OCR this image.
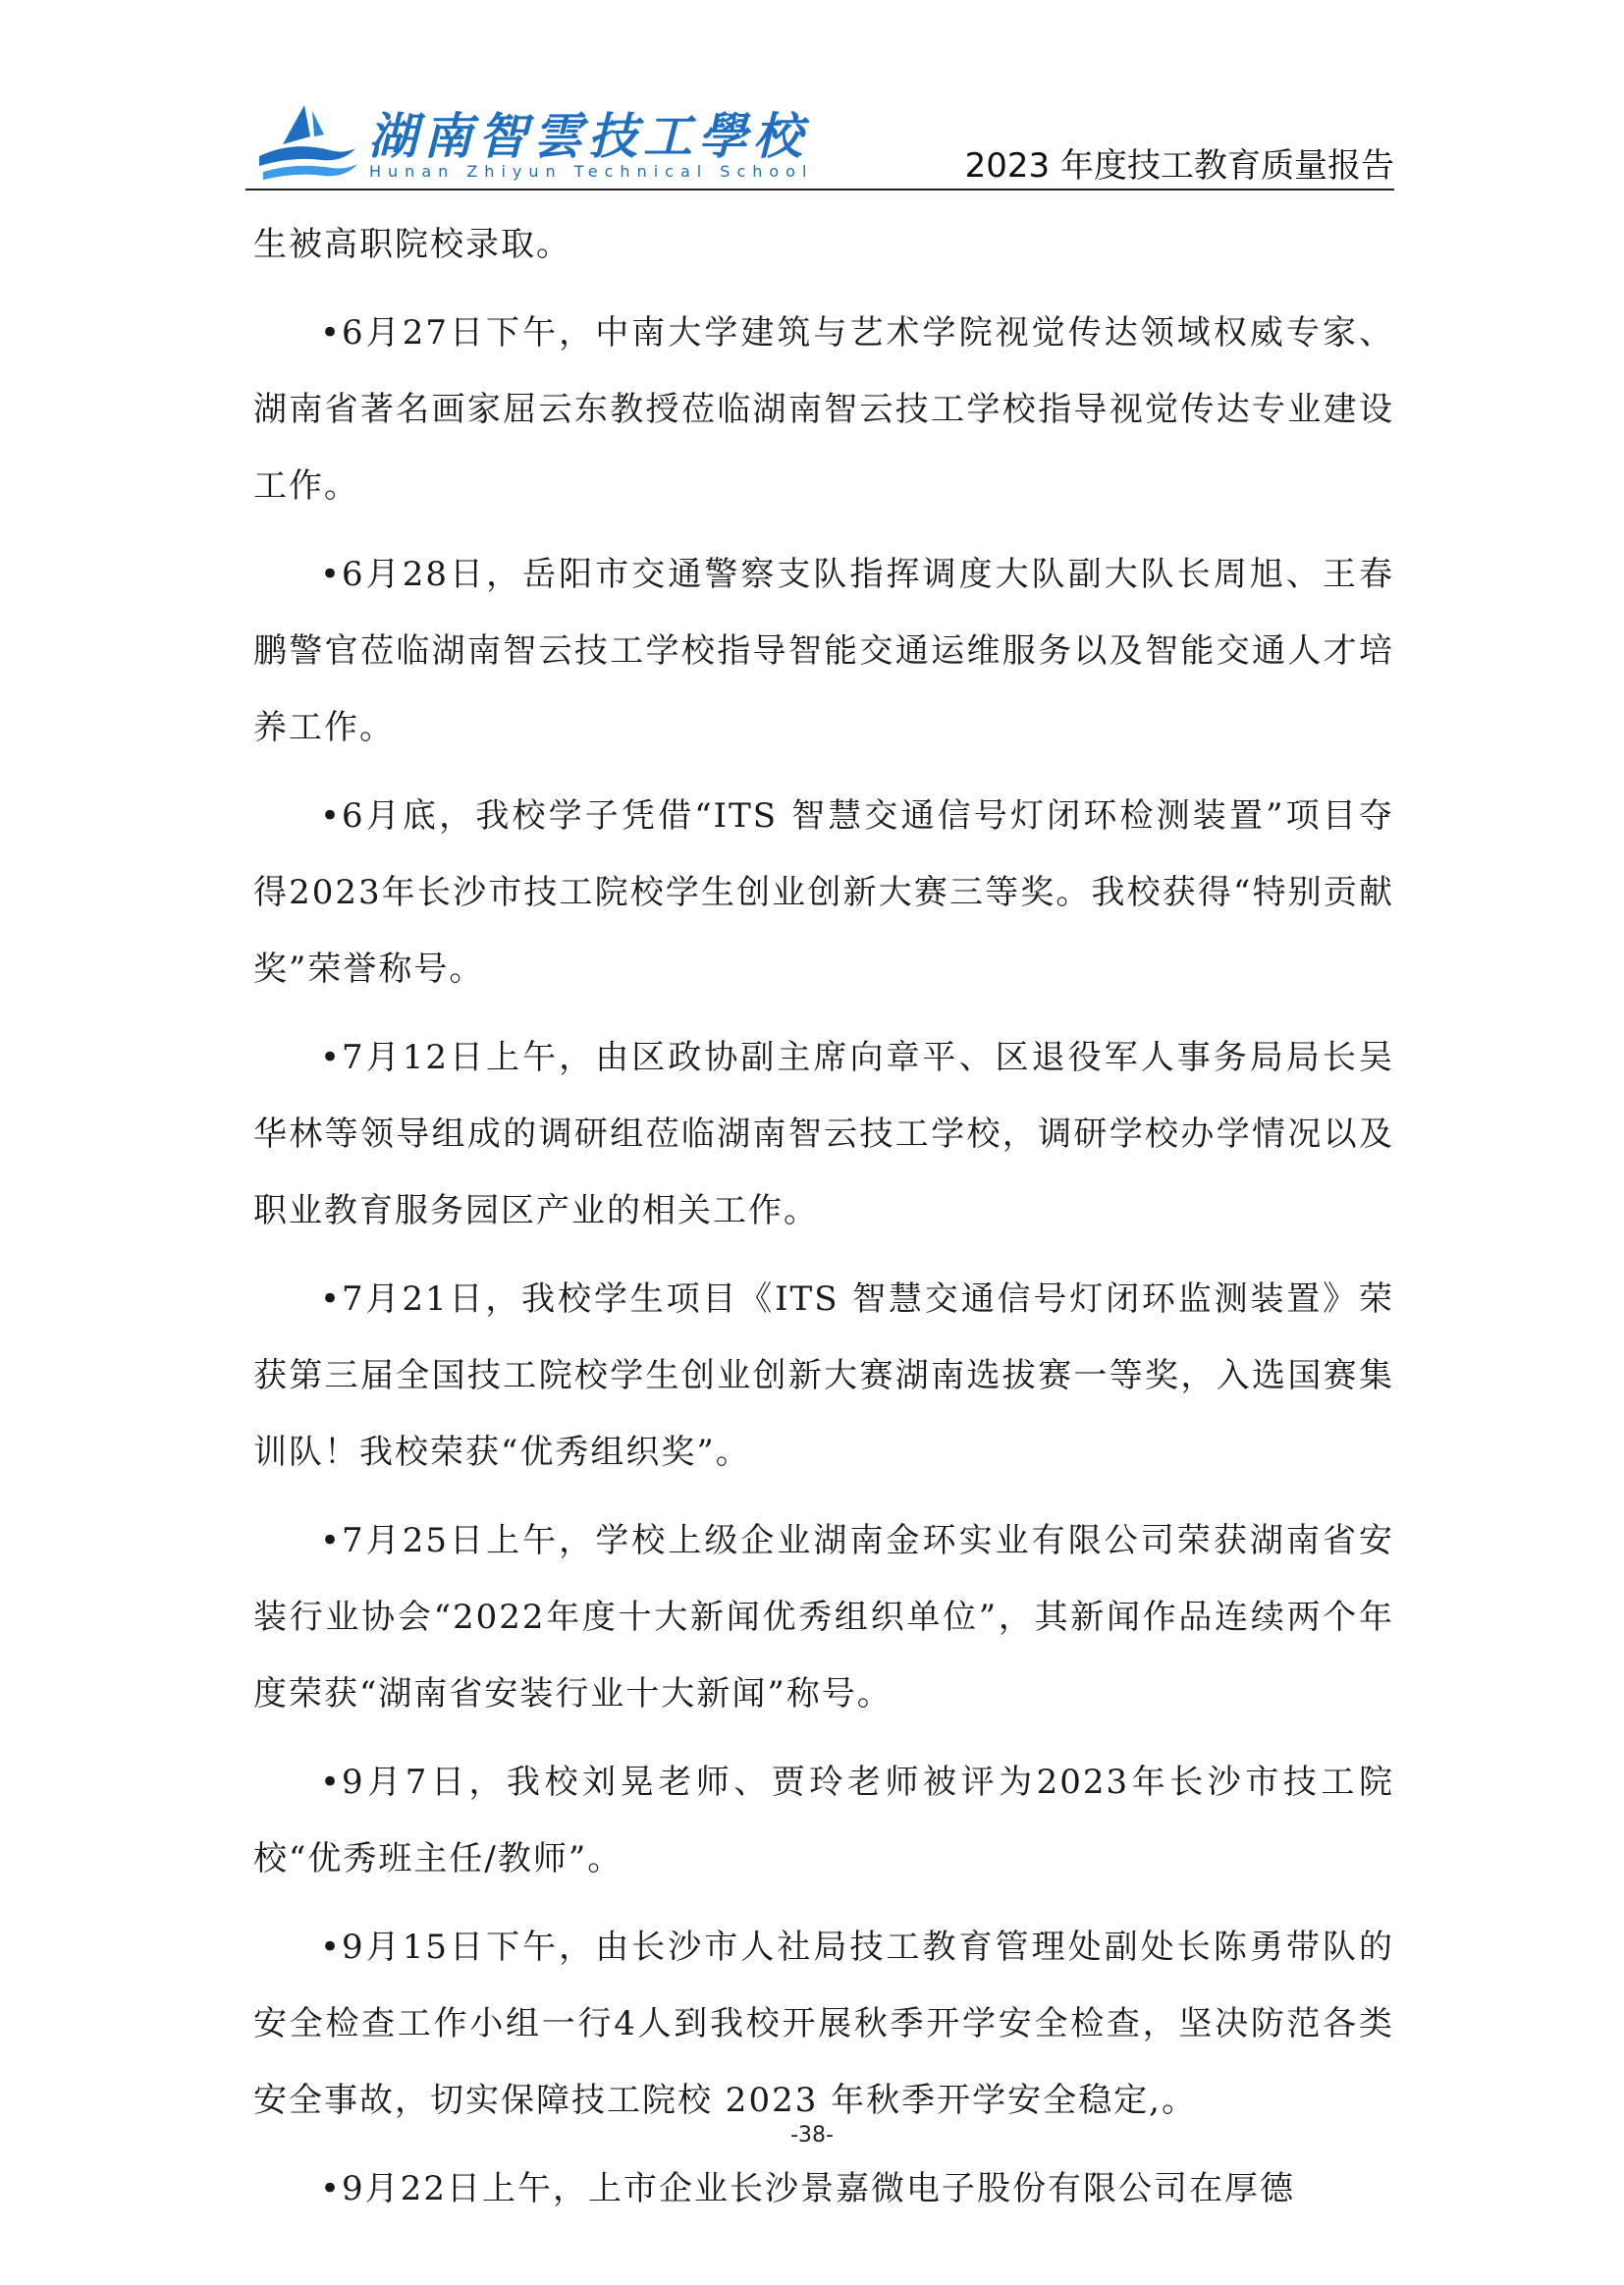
湖南智雲技工學校
Hunan Zhiyun Technical School	2023 年度技工教育质量报告

生被高职院校录取。

•6月27日下午，中南大学建筑与艺术学院视觉传达领域权威专家、湖南省著名画家屈云东教授莅临湖南智云技工学校指导视觉传达专业建设工作。

•6月28日，岳阳市交通警察支队指挥调度大队副大队长周旭、王春鹏警官莅临湖南智云技工学校指导智能交通运维服务以及智能交通人才培养工作。

•6月底，我校学子凭借“ITS 智慧交通信号灯闭环检测装置”项目夺得2023年长沙市技工院校学生创业创新大赛三等奖。我校获得“特别贡献奖”荣誉称号。

•7月12日上午，由区政协副主席向章平、区退役军人事务局局长吴华林等领导组成的调研组莅临湖南智云技工学校，调研学校办学情况以及职业教育服务园区产业的相关工作。

•7月21日，我校学生项目《ITS 智慧交通信号灯闭环监测装置》荣获第三届全国技工院校学生创业创新大赛湖南选拔赛一等奖，入选国赛集训队！我校荣获“优秀组织奖”。

•7月25日上午，学校上级企业湖南金环实业有限公司荣获湖南省安装行业协会“2022年度十大新闻优秀组织单位”，其新闻作品连续两个年度荣获“湖南省安装行业十大新闻”称号。

•9月7日，我校刘晃老师、贾玲老师被评为2023年长沙市技工院校“优秀班主任/教师”。

•9月15日下午，由长沙市人社局技工教育管理处副处长陈勇带队的安全检查工作小组一行4人到我校开展秋季开学安全检查，坚决防范各类安全事故，切实保障技工院校 2023 年秋季开学安全稳定,。

•9月22日上午，上市企业长沙景嘉微电子股份有限公司在厚德

-38-
